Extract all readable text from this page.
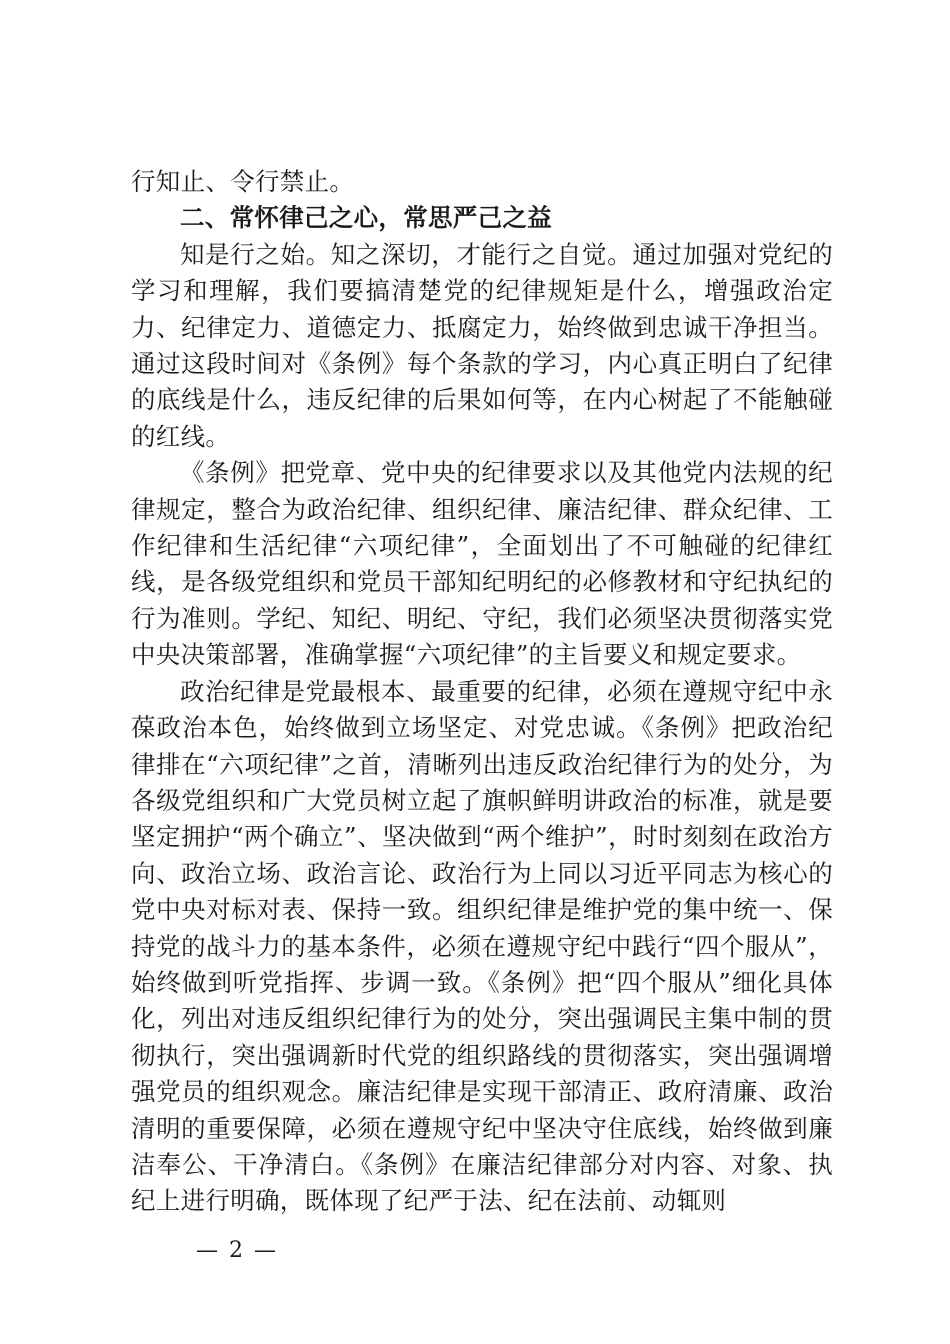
行知止、令行禁止。

二、常怀律己之心，常思严己之益

知是行之始。知之深切，才能行之自觉。通过加强对党纪的学习和理解，我们要搞清楚党的纪律规矩是什么，增强政治定力、纪律定力、道德定力、抵腐定力，始终做到忠诚干净担当。通过这段时间对《条例》每个条款的学习，内心真正明白了纪律的底线是什么，违反纪律的后果如何等，在内心树起了不能触碰的红线。

《条例》把党章、党中央的纪律要求以及其他党内法规的纪律规定，整合为政治纪律、组织纪律、廉洁纪律、群众纪律、工作纪律和生活纪律“六项纪律”，全面划出了不可触碰的纪律红线，是各级党组织和党员干部知纪明纪的必修教材和守纪执纪的行为准则。学纪、知纪、明纪、守纪，我们必须坚决贯彻落实党中央决策部署，准确掌握“六项纪律”的主旨要义和规定要求。

政治纪律是党最根本、最重要的纪律，必须在遵规守纪中永葆政治本色，始终做到立场坚定、对党忠诚。《条例》把政治纪律排在“六项纪律”之首，清晰列出违反政治纪律行为的处分，为各级党组织和广大党员树立起了旗帜鲜明讲政治的标准，就是要坚定拥护“两个确立”、坚决做到“两个维护”，时时刻刻在政治方向、政治立场、政治言论、政治行为上同以习近平同志为核心的党中央对标对表、保持一致。组织纪律是维护党的集中统一、保持党的战斗力的基本条件，必须在遵规守纪中践行“四个服从”，始终做到听党指挥、步调一致。《条例》把“四个服从”细化具体化，列出对违反组织纪律行为的处分，突出强调民主集中制的贯彻执行，突出强调新时代党的组织路线的贯彻落实，突出强调增强党员的组织观念。廉洁纪律是实现干部清正、政府清廉、政治清明的重要保障，必须在遵规守纪中坚决守住底线，始终做到廉洁奉公、干净清白。《条例》在廉洁纪律部分对内容、对象、执纪上进行明确，既体现了纪严于法、纪在法前、动辄则

— 2 —
